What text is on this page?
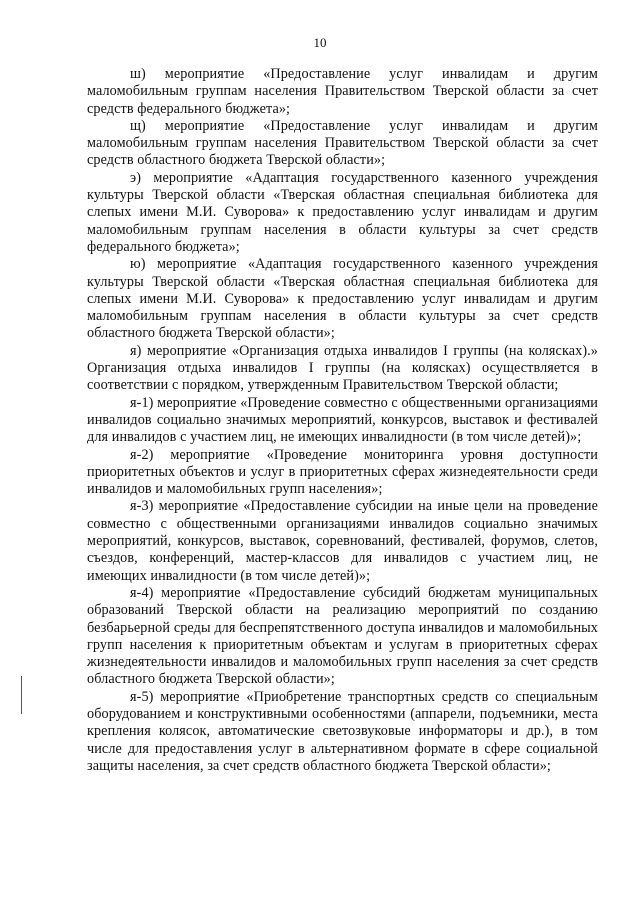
10

ш) мероприятие «Предоставление услуг инвалидам и другим маломобильным группам населения Правительством Тверской области за счет средств федерального бюджета»;

щ) мероприятие «Предоставление услуг инвалидам и другим маломобильным группам населения Правительством Тверской области за счет средств областного бюджета Тверской области»;

э) мероприятие «Адаптация государственного казенного учреждения культуры Тверской области «Тверская областная специальная библиотека для слепых имени М.И. Суворова» к предоставлению услуг инвалидам и другим маломобильным группам населения в области культуры за счет средств федерального бюджета»;

ю) мероприятие «Адаптация государственного казенного учреждения культуры Тверской области «Тверская областная специальная библиотека для слепых имени М.И. Суворова» к предоставлению услуг инвалидам и другим маломобильным группам населения в области культуры за счет средств областного бюджета Тверской области»;

я) мероприятие «Организация отдыха инвалидов I группы (на колясках).» Организация отдыха инвалидов I группы (на колясках) осуществляется в соответствии с порядком, утвержденным Правительством Тверской области;

я-1) мероприятие «Проведение совместно с общественными организациями инвалидов социально значимых мероприятий, конкурсов, выставок и фестивалей для инвалидов с участием лиц, не имеющих инвалидности (в том числе детей)»;

я-2) мероприятие «Проведение мониторинга уровня доступности приоритетных объектов и услуг в приоритетных сферах жизнедеятельности среди инвалидов и маломобильных групп населения»;

я-3) мероприятие «Предоставление субсидии на иные цели на проведение совместно с общественными организациями инвалидов социально значимых мероприятий, конкурсов, выставок, соревнований, фестивалей, форумов, слетов, съездов, конференций, мастер-классов для инвалидов с участием лиц, не имеющих инвалидности (в том числе детей)»;

я-4) мероприятие «Предоставление субсидий бюджетам муниципальных образований Тверской области на реализацию мероприятий по созданию безбарьерной среды для беспрепятственного доступа инвалидов и маломобильных групп населения к приоритетным объектам и услугам в приоритетных сферах жизнедеятельности инвалидов и маломобильных групп населения за счет средств областного бюджета Тверской области»;

я-5) мероприятие «Приобретение транспортных средств со специальным оборудованием и конструктивными особенностями (аппарели, подъемники, места крепления колясок, автоматические светозвуковые информаторы и др.), в том числе для предоставления услуг в альтернативном формате в сфере социальной защиты населения, за счет средств областного бюджета Тверской области»;
